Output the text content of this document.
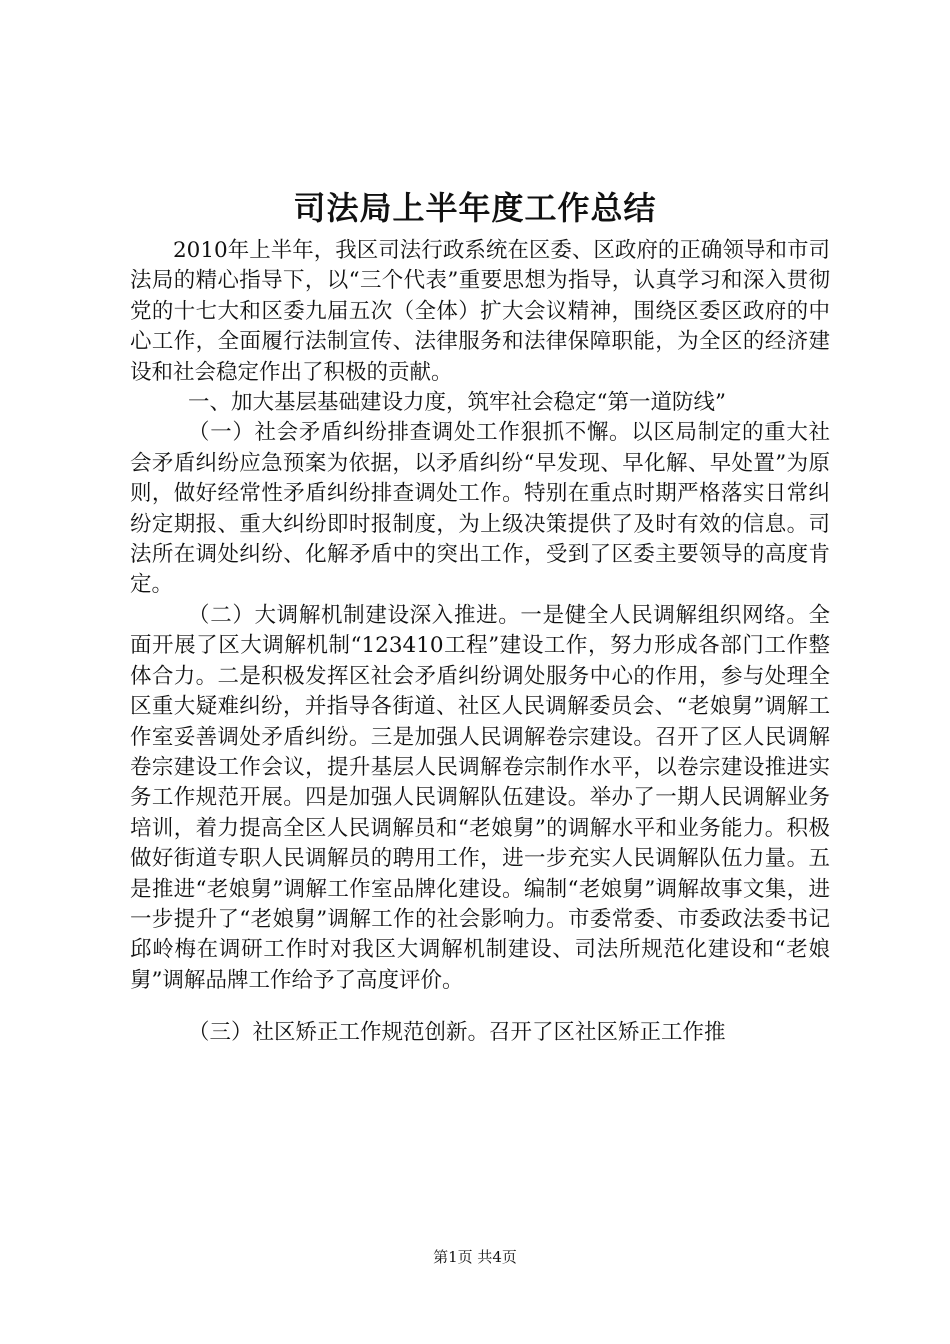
司法局上半年度工作总结

2010年上半年，我区司法行政系统在区委、区政府的正确领导和市司法局的精心指导下，以“三个代表”重要思想为指导，认真学习和深入贯彻党的十七大和区委九届五次（全体）扩大会议精神，围绕区委区政府的中心工作，全面履行法制宣传、法律服务和法律保障职能，为全区的经济建设和社会稳定作出了积极的贡献。

一、加大基层基础建设力度，筑牢社会稳定“第一道防线”

（一）社会矛盾纠纷排查调处工作狠抓不懈。以区局制定的重大社会矛盾纠纷应急预案为依据，以矛盾纠纷“早发现、早化解、早处置”为原则，做好经常性矛盾纠纷排查调处工作。特别在重点时期严格落实日常纠纷定期报、重大纠纷即时报制度，为上级决策提供了及时有效的信息。司法所在调处纠纷、化解矛盾中的突出工作，受到了区委主要领导的高度肯定。

（二）大调解机制建设深入推进。一是健全人民调解组织网络。全面开展了区大调解机制“123410工程”建设工作，努力形成各部门工作整体合力。二是积极发挥区社会矛盾纠纷调处服务中心的作用，参与处理全区重大疑难纠纷，并指导各街道、社区人民调解委员会、“老娘舅”调解工作室妥善调处矛盾纠纷。三是加强人民调解卷宗建设。召开了区人民调解卷宗建设工作会议，提升基层人民调解卷宗制作水平，以卷宗建设推进实务工作规范开展。四是加强人民调解队伍建设。举办了一期人民调解业务培训，着力提高全区人民调解员和“老娘舅”的调解水平和业务能力。积极做好街道专职人民调解员的聘用工作，进一步充实人民调解队伍力量。五是推进“老娘舅”调解工作室品牌化建设。编制“老娘舅”调解故事文集，进一步提升了“老娘舅”调解工作的社会影响力。市委常委、市委政法委书记邱岭梅在调研工作时对我区大调解机制建设、司法所规范化建设和“老娘舅”调解品牌工作给予了高度评价。

（三）社区矫正工作规范创新。召开了区社区矫正工作推

第1页 共4页
